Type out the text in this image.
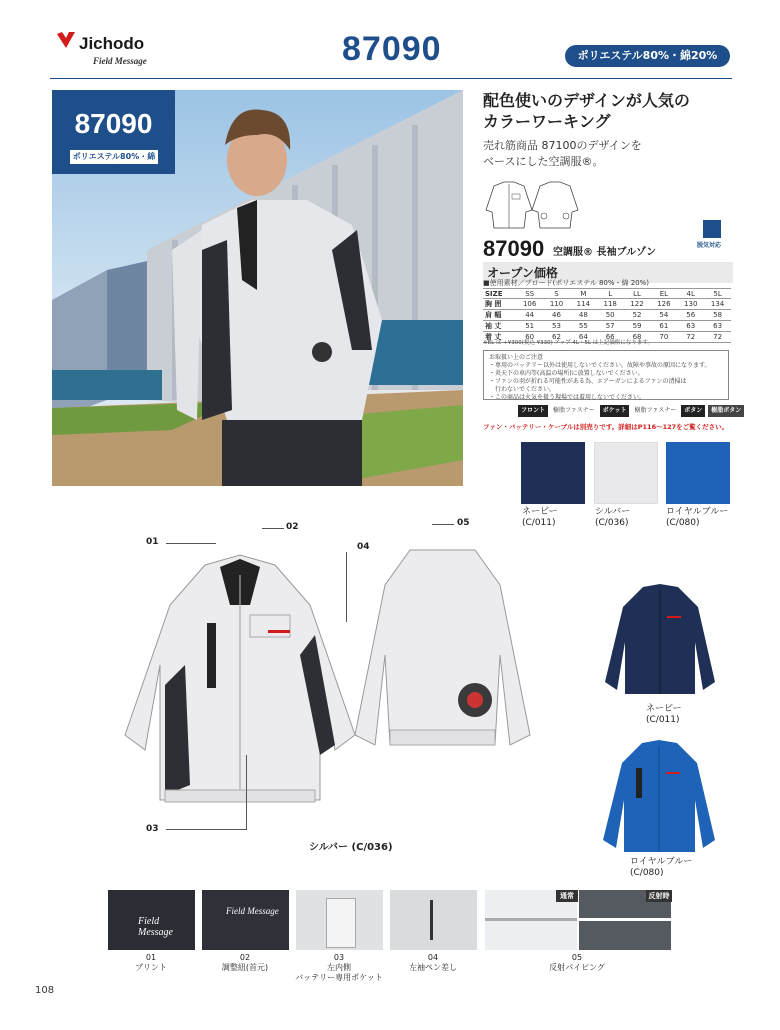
Jichodo
Field Message	87090	ポリエステル80%・綿20%
87090
ポリエステル80%・綿20%
配色使いのデザインが人気の
カラーワーキング
売れ筋商品 87100のデザインを
ベースにした空調服®。
脱気対応
87090 空調服® 長袖ブルゾン
オープン価格
■使用素材／ブロード(ポリエステル 80%・綿 20%)
SIZE	SS	S	M	L	LL	EL	4L	5L
胸 囲	106	110	114	118	122	126	130	134
肩 幅	44	46	48	50	52	54	56	58
袖 丈	51	53	55	57	59	61	63	63
着 丈	60	62	64	66	68	70	72	72
※EL は +¥300(税込 ¥330) アップ 4L・5L は上記価格になります。
お取扱い上のご注意
・専用のバッテリー以外は使用しないでください。故障や事故の原因になります。
・炎天下の車内等(高温の場所)に放置しないでください。
・ファンの羽が折れる可能性がある為、エアーガンによるファンの清掃は
　行わないでください。
・この商品は火気を扱う現場では着用しないでください。
フロント	樹脂ファスナー	ポケット	樹脂ファスナー	ボタン	樹脂ボタン
ファン・バッテリー・ケーブルは別売りです。詳細はP116〜127をご覧ください。
ネービー
(C/011)
シルバー
(C/036)
ロイヤルブルー
(C/080)
01
02
04
05
03
シルバー (C/036)
ネービー
(C/011)
ロイヤルブルー
(C/080)
Field Message
Field Message
通常	反射時
01
プリント
02
調整紐(首元)
03
左内側
バッテリー専用ポケット
04
左袖ペン差し
05
反射パイピング
108
